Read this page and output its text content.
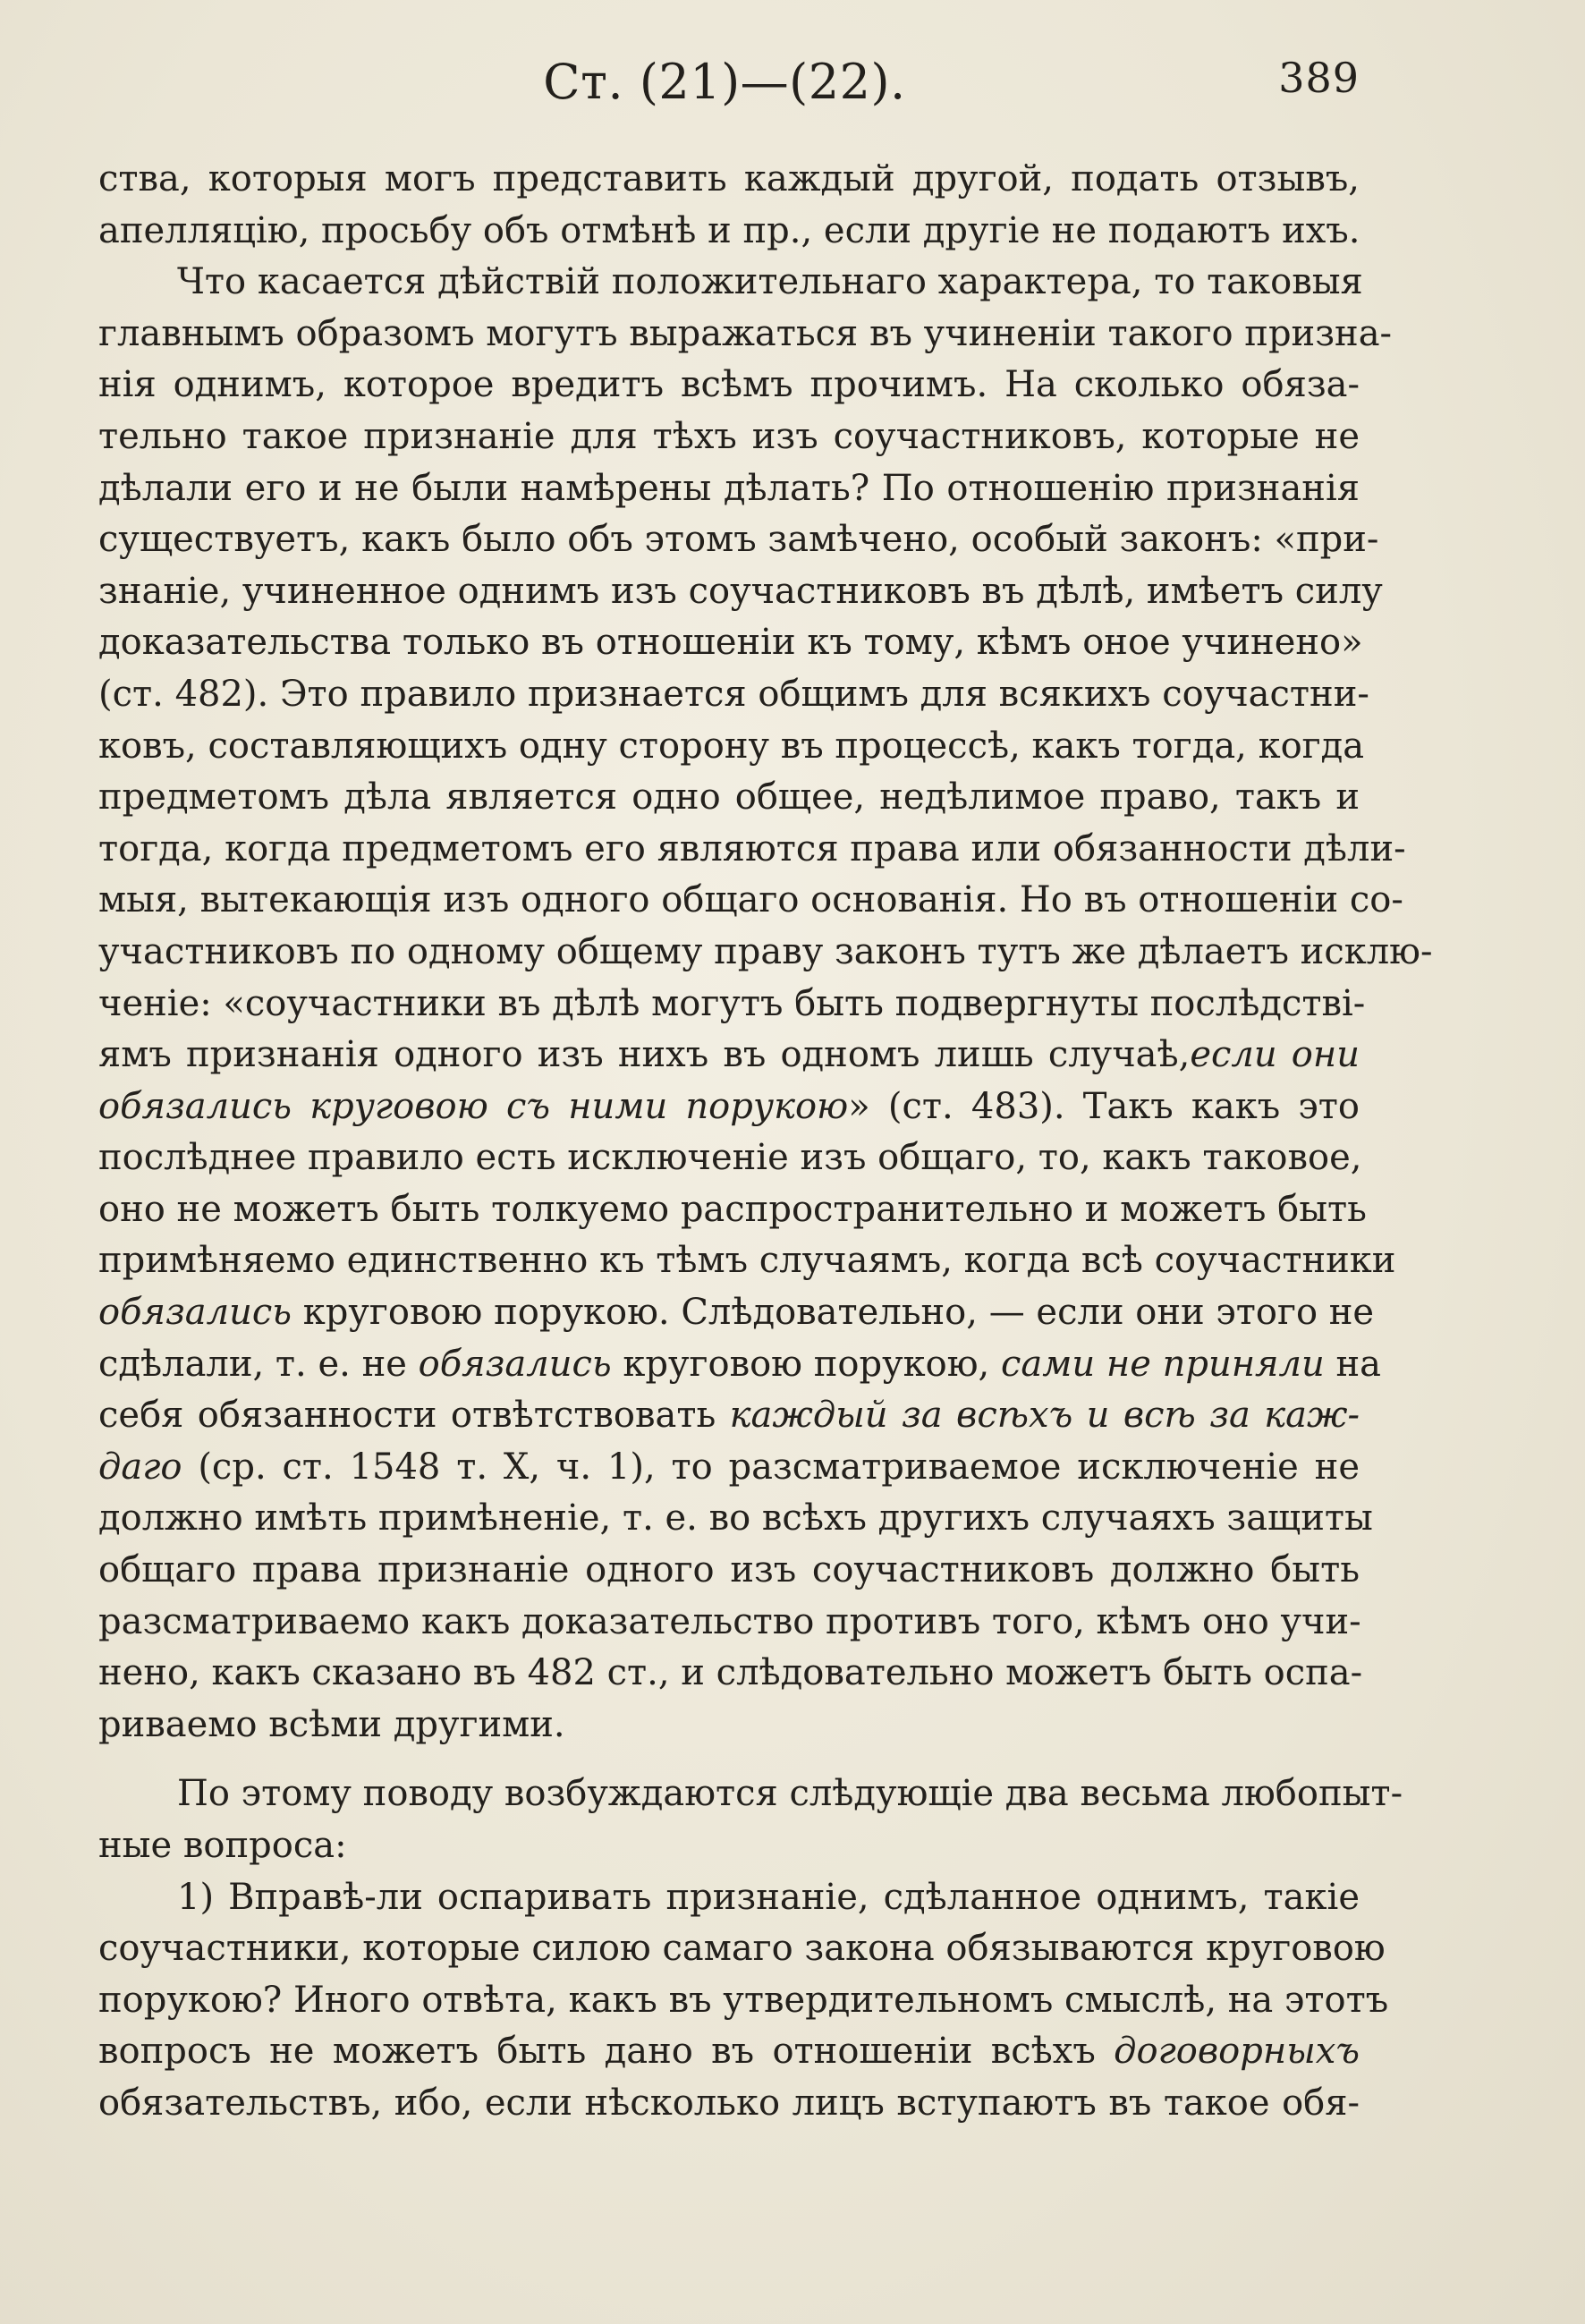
Ст. (21)—(22).	389
ства, которыя могъ представить каждый другой, подать отзывъ,
апелляцію, просьбу объ отмѣнѣ и пр., если другіе не подаютъ ихъ.
Что касается дѣйствій положительнаго характера, то таковыя
главнымъ образомъ могутъ выражаться въ учиненіи такого призна-
нія однимъ, которое вредитъ всѣмъ прочимъ. На сколько обяза-
тельно такое признаніе для тѣхъ изъ соучастниковъ, которые не
дѣлали его и не были намѣрены дѣлать? По отношенію признанія
существуетъ, какъ было объ этомъ замѣчено, особый законъ: «при-
знаніе, учиненное однимъ изъ соучастниковъ въ дѣлѣ, имѣетъ силу
доказательства только въ отношеніи къ тому, кѣмъ оное учинено»
(ст. 482). Это правило признается общимъ для всякихъ соучастни-
ковъ, составляющихъ одну сторону въ процессѣ, какъ тогда, когда
предметомъ дѣла является одно общее, недѣлимое право, такъ и
тогда, когда предметомъ его являются права или обязанности дѣли-
мыя, вытекающія изъ одного общаго основанія. Но въ отношеніи со-
участниковъ по одному общему праву законъ тутъ же дѣлаетъ исклю-
ченіе: «соучастники въ дѣлѣ могутъ быть подвергнуты послѣдстві-
ямъ признанія одного изъ нихъ въ одномъ лишь случаѣ,если они
обязались круговою съ ними порукою» (ст. 483). Такъ какъ это
послѣднее правило есть исключеніе изъ общаго, то, какъ таковое,
оно не можетъ быть толкуемо распространительно и можетъ быть
примѣняемо единственно къ тѣмъ случаямъ, когда всѣ соучастники
обязались круговою порукою. Слѣдовательно, — если они этого не
сдѣлали, т. е. не обязались круговою порукою, сами не приняли на
себя обязанности отвѣтствовать каждый за всѣхъ и всѣ за каж-
даго (ср. ст. 1548 т. X, ч. 1), то разсматриваемое исключеніе не
должно имѣть примѣненіе, т. е. во всѣхъ другихъ случаяхъ защиты
общаго права признаніе одного изъ соучастниковъ должно быть
разсматриваемо какъ доказательство противъ того, кѣмъ оно учи-
нено, какъ сказано въ 482 ст., и слѣдовательно можетъ быть оспа-
риваемо всѣми другими.
По этому поводу возбуждаются слѣдующіе два весьма любопыт-
ные вопроса:
1) Вправѣ-ли оспаривать признаніе, сдѣланное однимъ, такіе
соучастники, которые силою самаго закона обязываются круговою
порукою? Иного отвѣта, какъ въ утвердительномъ смыслѣ, на этотъ
вопросъ не можетъ быть дано въ отношеніи всѣхъ договорныхъ
обязательствъ, ибо, если нѣсколько лицъ вступаютъ въ такое обя-
